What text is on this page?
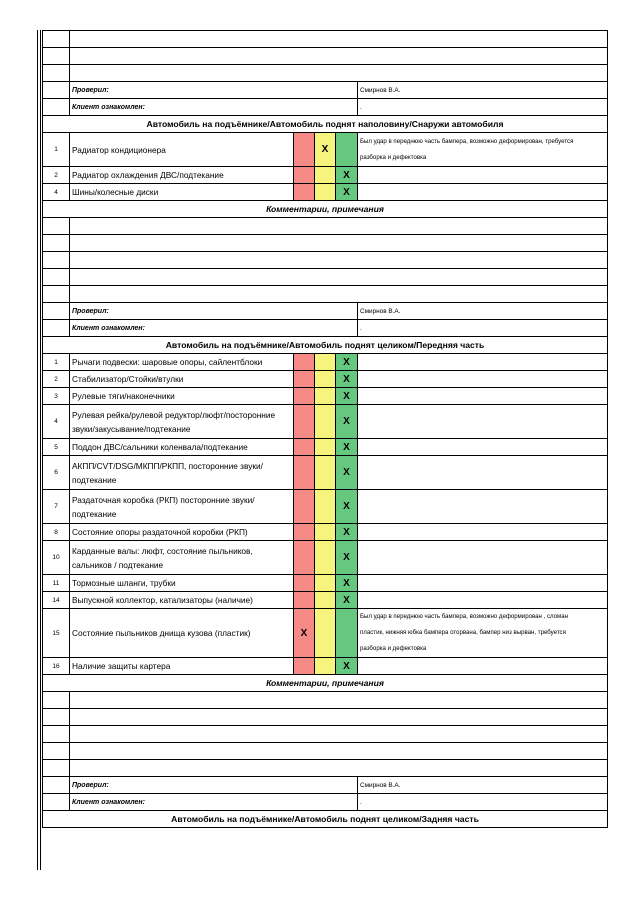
	Проверил:				Смирнов В.А.
	Клиент ознакомлен:				.
Автомобиль на подъёмнике/Автомобиль поднят наполовину/Снаружи автомобиля					
1	Радиатор кондиционера		X		Был удар в переднюю часть бампера, возможно деформирован, требуется
разборка и дефектовка

2	Радиатор охлаждения ДВС/подтекание			X	
4	Шины/колесные диски			X	
Комментарии, примечания					

	Проверил:				Смирнов В.А.
	Клиент ознакомлен:				.
Автомобиль на подъёмнике/Автомобиль поднят целиком/Передняя часть					
1	Рычаги подвески: шаровые опоры, сайлентблоки			X	
2	Стабилизатор/Стойки/втулки			X	
3	Рулевые тяги/наконечники			X	
4	Рулевая рейка/рулевой редуктор/люфт/посторонние
звуки/закусывание/подтекание			X	
5	Поддон ДВС/сальники коленвала/подтекание			X	
6	АКПП/CVT/DSG/МКПП/РКПП, посторонние звуки/
подтекание			X	
7	Раздаточная коробка (РКП) посторонние звуки/
подтекание			X	
8	Состояние опоры раздаточной коробки (РКП)			X	
10	Карданные валы: люфт, состояние пыльников,
сальников / подтекание			X	
11	Тормозные шланги, трубки			X	
14	Выпускной коллектор, катализаторы (наличие)			X	
15	Состояние пыльников днища кузова (пластик)	X			Был удар в переднюю часть бампера, возможно деформирован , сломан
пластик, нижняя юбка бампера оторвана, бампер низ вырван, требуется
разборка и дефектовка

16	Наличие защиты картера			X	
Комментарии, примечания					

	Проверил:				Смирнов В.А.
	Клиент ознакомлен:				.
Автомобиль на подъёмнике/Автомобиль поднят целиком/Задняя часть					
